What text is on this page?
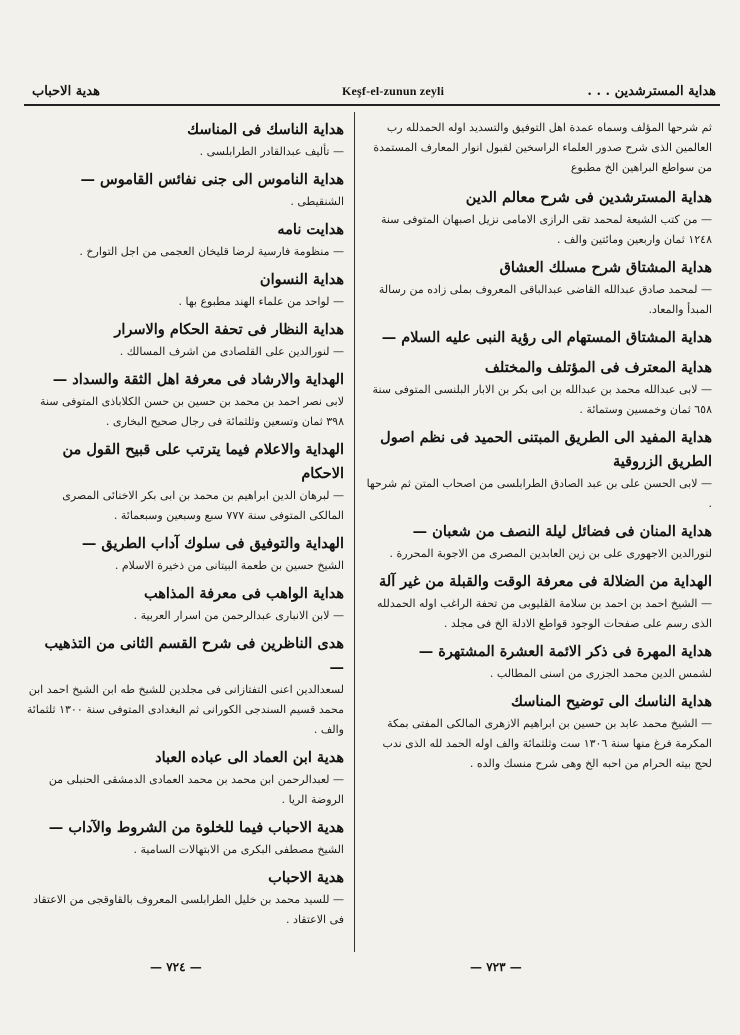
هدية الاحباب	Keşf-el-zunun zeyli	هداية المسترشدين . . .
ثم شرحها المؤلف وسماه عمدة اهل التوفيق والتسديد اوله الحمدلله رب العالمين الذى شرح صدور العلماء الراسخين لقبول انوار المعارف المستمدة من سواطع البراهين الخ مطبوع
هداية المسترشدين فى شرح معالم الدين
— من كتب الشيعة لمحمد تقى الرازى الامامى نزيل اصبهان المتوفى سنة ١٢٤٨ ثمان واربعين ومائتين والف .
هداية المشتاق شرح مسلك العشاق
— لمحمد صادق عبدالله القاضى عبدالباقى المعروف بملى زاده من رسالة المبدأ والمعاد.
هداية المشتاق المستهام الى رؤية النبى عليه السلام —
هداية المعترف فى المؤتلف والمختلف
— لابى عبدالله محمد بن عبدالله بن ابى بكر بن الابار البلنسى المتوفى سنة ٦٥٨ ثمان وخمسين وستمائة .
هداية المفيد الى الطريق المبتنى الحميد فى نظم اصول الطريق الزروقية
— لابى الحسن على بن عبد الصادق الطرابلسى من اصحاب المتن ثم شرحها .
هداية المنان فى فضائل ليلة النصف من شعبان —
لنورالدين الاجهورى على بن زين العابدين المصرى من الاجوبة المحررة .
الهداية من الضلالة فى معرفة الوقت والقبلة من غير آلة
— الشيخ احمد بن احمد بن سلامة القليوبى من تحفة الراغب اوله الحمدلله الذى رسم على صفحات الوجود قواطع الادلة الخ فى مجلد .
هداية المهرة فى ذكر الائمة العشرة المشتهرة —
لشمس الدين محمد الجزرى من اسنى المطالب .
هداية الناسك الى توضيح المناسك
— الشيخ محمد عابد بن حسين بن ابراهيم الازهرى المالكى المفتى بمكة المكرمة فرغ منها سنة ١٣٠٦ ست وثلثمائة والف اوله الحمد لله الذى ندب لحج بيته الحرام من احبه الخ وهى شرح منسك والده .
هداية الناسك فى المناسك
— تأليف عبدالقادر الطرابلسى .
هداية الناموس الى جنى نفائس القاموس —
الشنقيطى .
هدايت نامه
— منظومة فارسية لرضا قليخان العجمى من اجل التوارخ .
هداية النسوان
— لواحد من علماء الهند مطبوع بها .
هداية النظار فى تحفة الحكام والاسرار
— لنورالدين على القلصادى من اشرف المسالك .
الهداية والارشاد فى معرفة اهل الثقة والسداد —
لابى نصر احمد بن محمد بن حسين بن حسن الكلاباذى المتوفى سنة ٣٩٨ ثمان وتسعين وثلثمائة فى رجال صحيح البخارى .
الهداية والاعلام فيما يترتب على قبيح القول من الاحكام
— لبرهان الدين ابراهيم بن محمد بن ابى بكر الاخنائى المصرى المالكى المتوفى سنة ٧٧٧ سبع وسبعين وسبعمائة .
الهداية والتوفيق فى سلوك آداب الطريق —
الشيخ حسين بن طعمة البيتانى من ذخيرة الاسلام .
هداية الواهب فى معرفة المذاهب
— لابن الانبارى عبدالرحمن من اسرار العربية .
هدى الناظرين فى شرح القسم الثانى من التذهيب —
لسعدالدين اعنى التفتازانى فى مجلدين للشيخ طه ابن الشيخ احمد ابن محمد قسيم السندجى الكورانى ثم البغدادى المتوفى سنة ١٣٠٠ ثلثمائة والف .
هدية ابن العماد الى عباده العباد
— لعبدالرحمن ابن محمد بن محمد العمادى الدمشقى الحنبلى من الروضة الريا .
هدية الاحباب فيما للخلوة من الشروط والآداب —
الشيخ مصطفى البكرى من الابتهالات السامية .
هدية الاحباب
— للسيد محمد بن خليل الطرابلسى المعروف بالقاوقجى من الاعتقاد فى الاعتقاد .
— ٧٢٤ —	— ٧٢٣ —
